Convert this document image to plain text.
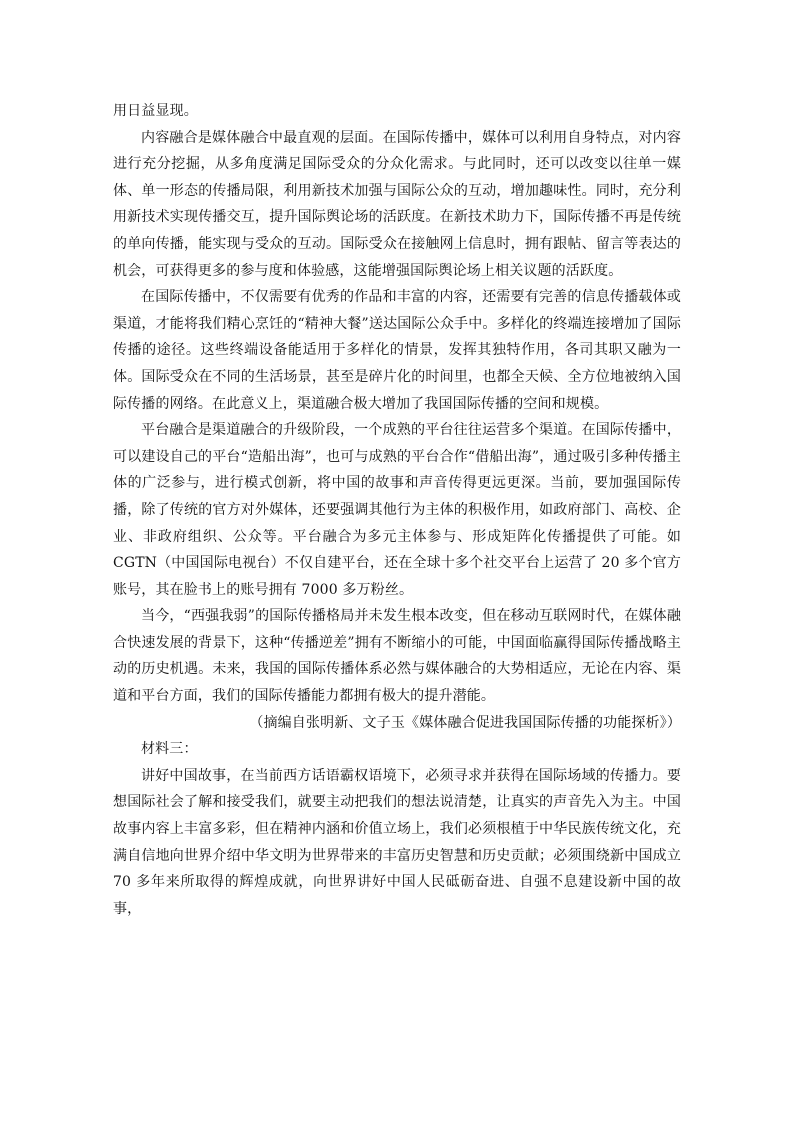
用日益显现。

内容融合是媒体融合中最直观的层面。在国际传播中，媒体可以利用自身特点，对内容进行充分挖掘，从多角度满足国际受众的分众化需求。与此同时，还可以改变以往单一媒体、单一形态的传播局限，利用新技术加强与国际公众的互动，增加趣味性。同时，充分利用新技术实现传播交互，提升国际舆论场的活跃度。在新技术助力下，国际传播不再是传统的单向传播，能实现与受众的互动。国际受众在接触网上信息时，拥有跟帖、留言等表达的机会，可获得更多的参与度和体验感，这能增强国际舆论场上相关议题的活跃度。

在国际传播中，不仅需要有优秀的作品和丰富的内容，还需要有完善的信息传播载体或渠道，才能将我们精心烹饪的“精神大餐”送达国际公众手中。多样化的终端连接增加了国际传播的途径。这些终端设备能适用于多样化的情景，发挥其独特作用，各司其职又融为一体。国际受众在不同的生活场景，甚至是碎片化的时间里，也都全天候、全方位地被纳入国际传播的网络。在此意义上，渠道融合极大增加了我国国际传播的空间和规模。

平台融合是渠道融合的升级阶段，一个成熟的平台往往运营多个渠道。在国际传播中，可以建设自己的平台“造船出海”，也可与成熟的平台合作“借船出海”，通过吸引多种传播主体的广泛参与，进行模式创新，将中国的故事和声音传得更远更深。当前，要加强国际传播，除了传统的官方对外媒体，还要强调其他行为主体的积极作用，如政府部门、高校、企业、非政府组织、公众等。平台融合为多元主体参与、形成矩阵化传播提供了可能。如 CGTN（中国国际电视台）不仅自建平台，还在全球十多个社交平台上运营了 20 多个官方账号，其在脸书上的账号拥有 7000 多万粉丝。

当今，“西强我弱”的国际传播格局并未发生根本改变，但在移动互联网时代，在媒体融合快速发展的背景下，这种“传播逆差”拥有不断缩小的可能，中国面临赢得国际传播战略主动的历史机遇。未来，我国的国际传播体系必然与媒体融合的大势相适应，无论在内容、渠道和平台方面，我们的国际传播能力都拥有极大的提升潜能。

（摘编自张明新、文子玉《媒体融合促进我国国际传播的功能探析》）

材料三：

讲好中国故事，在当前西方话语霸权语境下，必须寻求并获得在国际场域的传播力。要想国际社会了解和接受我们，就要主动把我们的想法说清楚，让真实的声音先入为主。中国故事内容上丰富多彩，但在精神内涵和价值立场上，我们必须根植于中华民族传统文化，充满自信地向世界介绍中华文明为世界带来的丰富历史智慧和历史贡献；必须围绕新中国成立 70 多年来所取得的辉煌成就，向世界讲好中国人民砥砺奋进、自强不息建设新中国的故事，
